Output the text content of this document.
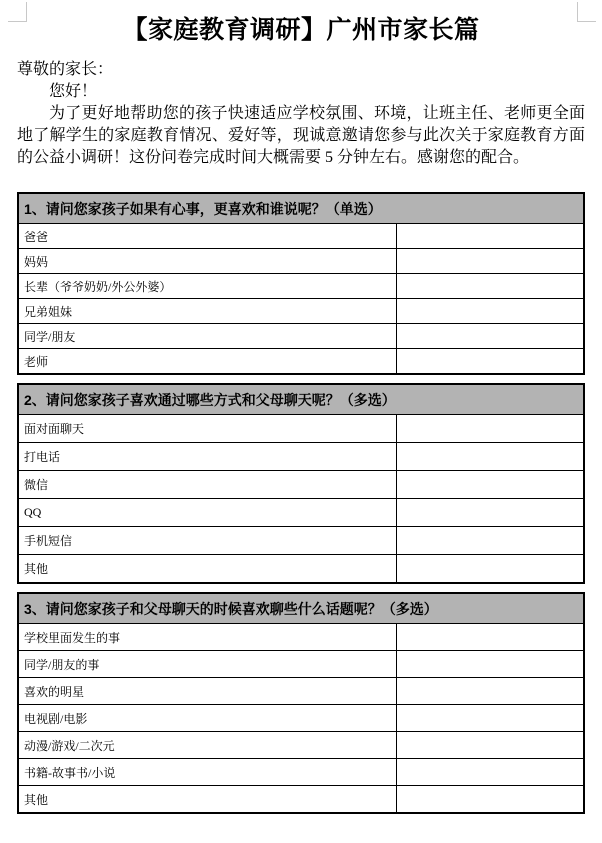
【家庭教育调研】广州市家长篇

尊敬的家长：

您好！

为了更好地帮助您的孩子快速适应学校氛围、环境，让班主任、老师更全面地了解学生的家庭教育情况、爱好等，现诚意邀请您参与此次关于家庭教育方面的公益小调研！这份问卷完成时间大概需要 5 分钟左右。感谢您的配合。

1、请问您家孩子如果有心事，更喜欢和谁说呢？（单选）	
爸爸	
妈妈	
长辈（爷爷奶奶/外公外婆）	
兄弟姐妹	
同学/朋友	
老师	
2、请问您家孩子喜欢通过哪些方式和父母聊天呢？（多选）	
面对面聊天	
打电话	
微信	
QQ	
手机短信	
其他	
3、请问您家孩子和父母聊天的时候喜欢聊些什么话题呢？（多选）	
学校里面发生的事	
同学/朋友的事	
喜欢的明星	
电视剧/电影	
动漫/游戏/二次元	
书籍-故事书/小说	
其他	
